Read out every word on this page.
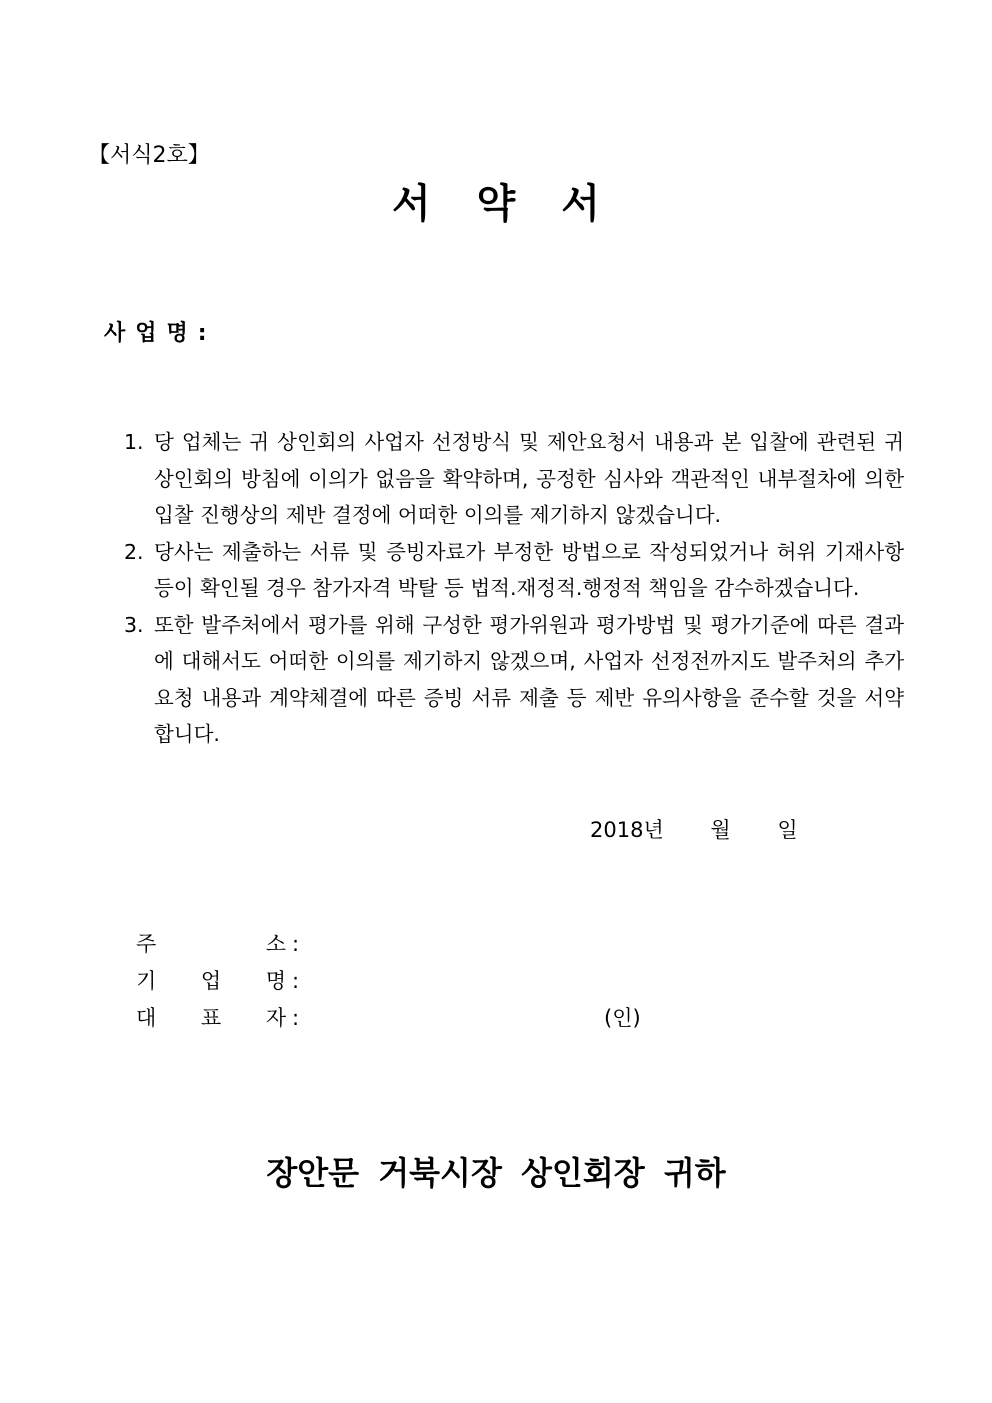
【서식2호】
서약서
사업명:
1. 당 업체는 귀 상인회의 사업자 선정방식 및 제안요청서 내용과 본 입찰에 관련된 귀 상인회의 방침에 이의가 없음을 확약하며, 공정한 심사와 객관적인 내부절차에 의한 입찰 진행상의 제반 결정에 어떠한 이의를 제기하지 않겠습니다.
2. 당사는 제출하는 서류 및 증빙자료가 부정한 방법으로 작성되었거나 허위 기재사항 등이 확인될 경우 참가자격 박탈 등 법적.재정적.행정적 책임을 감수하겠습니다.
3. 또한 발주처에서 평가를 위해 구성한 평가위원과 평가방법 및 평가기준에 따른 결과에 대해서도 어떠한 이의를 제기하지 않겠으며, 사업자 선정전까지도 발주처의 추가요청 내용과 계약체결에 따른 증빙 서류 제출 등 제반 유의사항을 준수할 것을 서약합니다.
2018년 월 일
주	소 :
기 업 명 :
대 표 자 :	(인)
장안문 거북시장 상인회장 귀하
